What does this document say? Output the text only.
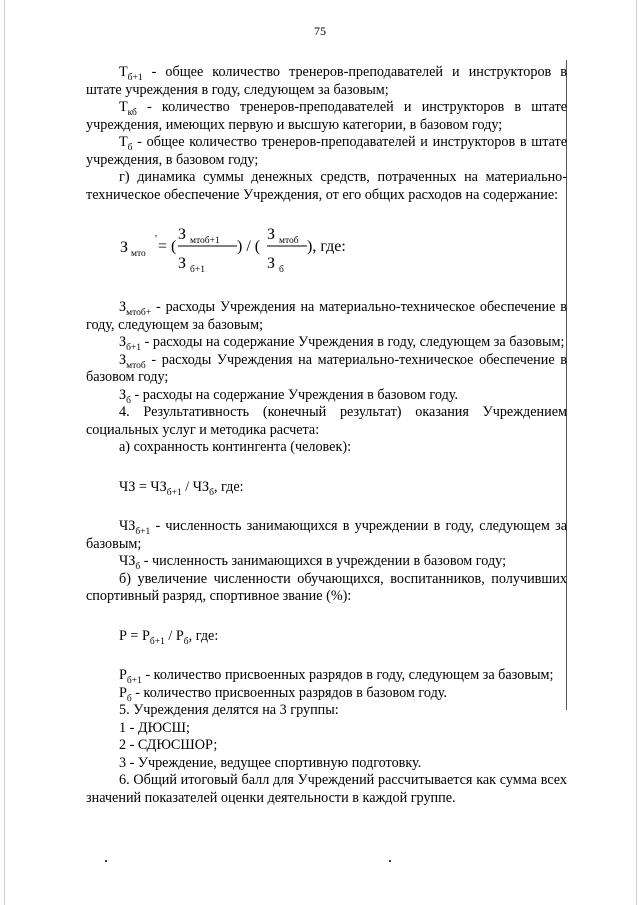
75

$Т_{б+1}$ - общее количество тренеров-преподавателей и инструкторов в штате учреждения в году, следующем за базовым;

$Т_{кб}$ - количество тренеров-преподавателей и инструкторов в штате учреждения, имеющих первую и высшую категории, в базовом году;

$Т_б$ - общее количество тренеров-преподавателей и инструкторов в штате учреждения, в базовом году;

г) динамика суммы денежных средств, потраченных на материально-техническое обеспечение Учреждения, от его общих расходов на содержание:

З мто
' = (
З мтоб+1
З б+1
) / (
З мтоб
З б
), где:

$З_{мтоб+}$ - расходы Учреждения на материально-техническое обеспечение в году, следующем за базовым;

$З_{б+1}$ - расходы на содержание Учреждения в году, следующем за базовым;

$З_{мтоб}$ - расходы Учреждения на материально-техническое обеспечение в базовом году;

$З_б$ - расходы на содержание Учреждения в базовом году.

4. Результативность (конечный результат) оказания Учреждением социальных услуг и методика расчета:

а) сохранность контингента (человек):

ЧЗ = $ЧЗ_{б+1} / ЧЗ_б$, где:

$ЧЗ_{б+1}$ - численность занимающихся в учреждении в году, следующем за базовым;

$ЧЗ_б$ - численность занимающихся в учреждении в базовом году;

б) увеличение численности обучающихся, воспитанников, получивших спортивный разряд, спортивное звание (%):

$Р = Р_{б+1} / Р_б$, где:

$Р_{б+1}$ - количество присвоенных разрядов в году, следующем за базовым;

$Р_б$ - количество присвоенных разрядов в базовом году.

5. Учреждения делятся на 3 группы:

1 - ДЮСШ;

2 - СДЮСШОР;

3 - Учреждение, ведущее спортивную подготовку.

6. Общий итоговый балл для Учреждений рассчитывается как сумма всех значений показателей оценки деятельности в каждой группе.
